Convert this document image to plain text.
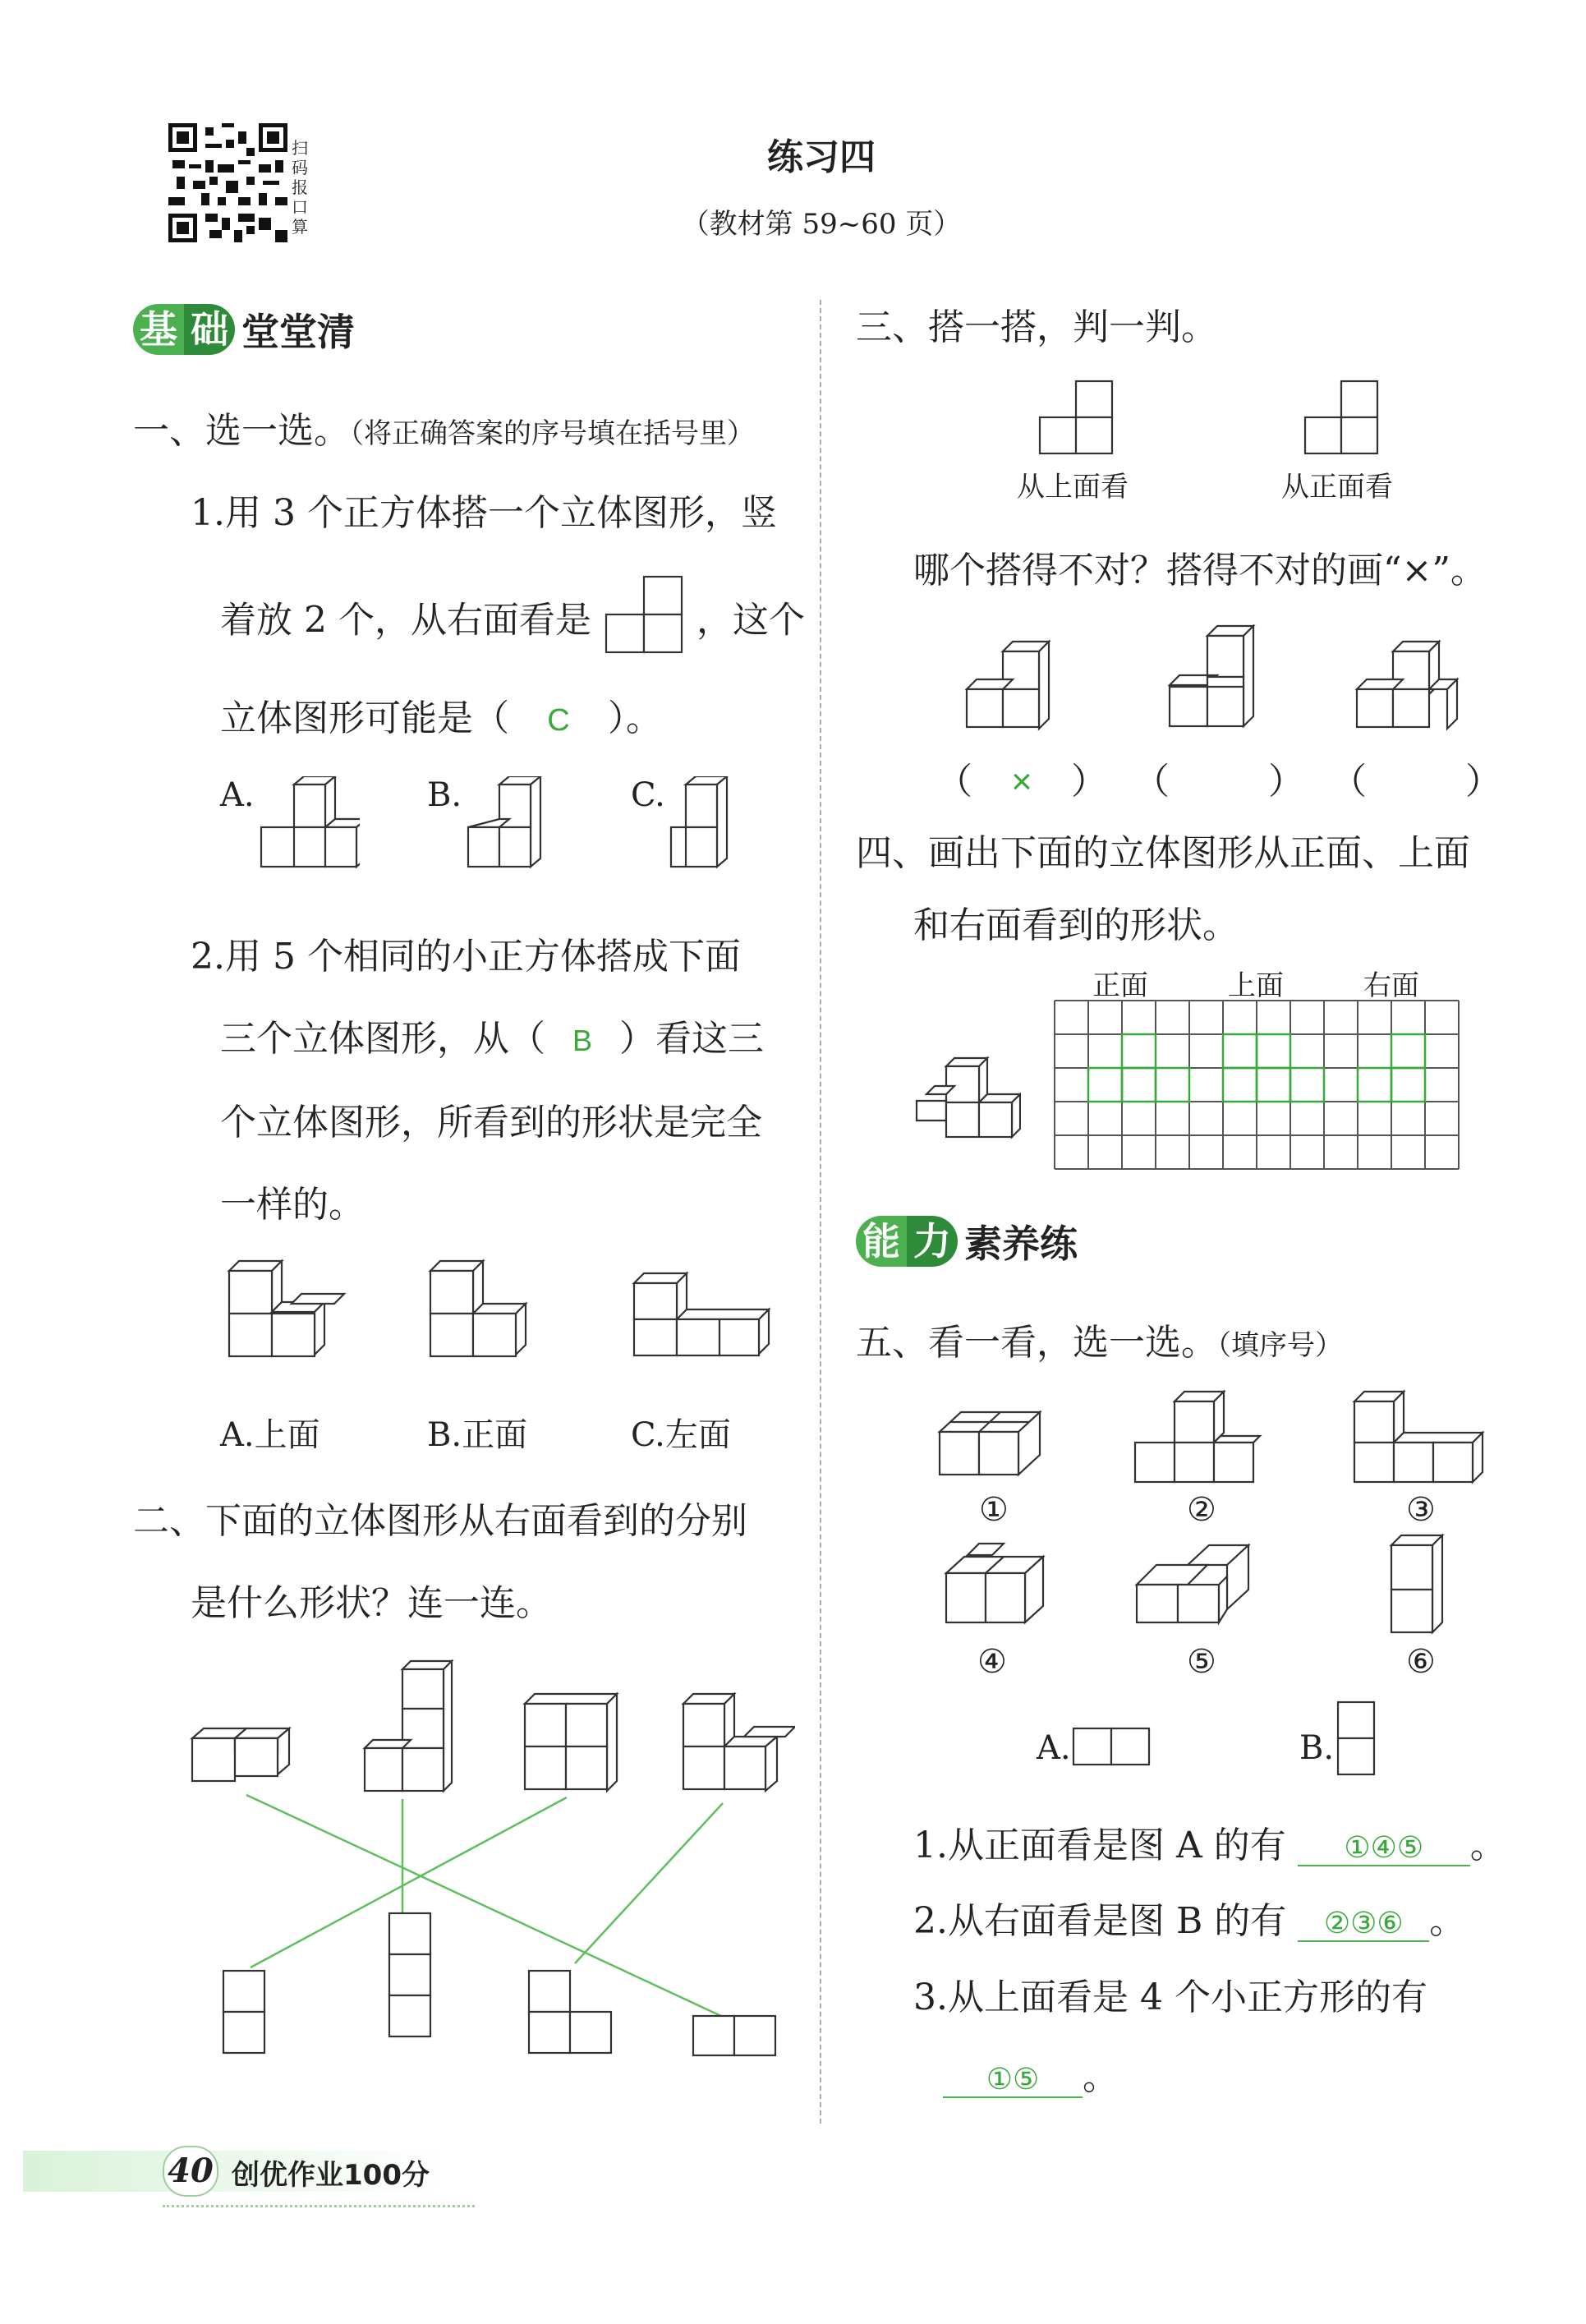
扫码报口算
练习四
（教材第 59~60 页）
基 础 堂堂清
一、选一选。（将正确答案的序号填在括号里）
1.用 3 个正方体搭一个立体图形，竖
着放 2 个，从右面看是	，这个
立体图形可能是（ C ）。
A.	B.	C.
2.用 5 个相同的小正方体搭成下面
三个立体图形，从（ B ）看这三
个立体图形，所看到的形状是完全
一样的。
A.上面	B.正面	C.左面
二、下面的立体图形从右面看到的分别
是什么形状？连一连。
三、搭一搭，判一判。
从上面看	从正面看
哪个搭得不对？搭得不对的画“×”。
（ × ） （	） （	）
四、画出下面的立体图形从正面、上面
和右面看到的形状。
正面	上面	右面
能 力 素养练
五、看一看，选一选。（填序号）
①	②	③
④	⑤	⑥
A.	B.
1.从正面看是图 A 的有 ①④⑤ 。
2.从右面看是图 B 的有 ②③⑥ 。
3.从上面看是 4 个小正方形的有
①⑤ 。
40 创优作业100分
